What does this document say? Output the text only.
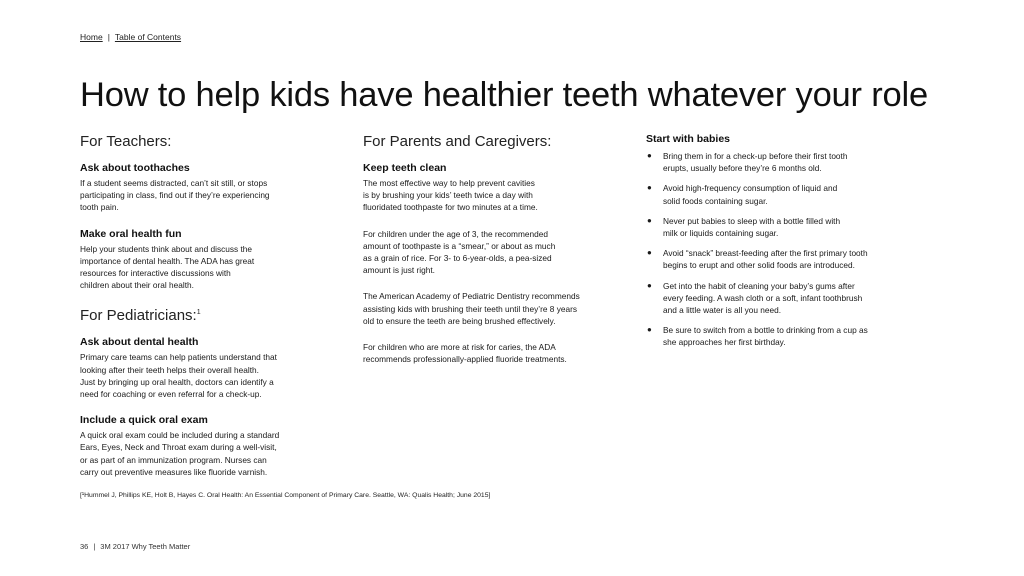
Home | Table of Contents
How to help kids have healthier teeth whatever your role
For Teachers:
Ask about toothaches

If a student seems distracted, can’t sit still, or stops
participating in class, find out if they’re experiencing
tooth pain.

Make oral health fun

Help your students think about and discuss the
importance of dental health. The ADA has great
resources for interactive discussions with
children about their oral health.

For Pediatricians:$^1$
Ask about dental health

Primary care teams can help patients understand that
looking after their teeth helps their overall health.
Just by bringing up oral health, doctors can identify a
need for coaching or even referral for a check-up.

Include a quick oral exam

A quick oral exam could be included during a standard
Ears, Eyes, Neck and Throat exam during a well-visit,
or as part of an immunization program. Nurses can
carry out preventive measures like fluoride varnish.

For Parents and Caregivers:
Keep teeth clean

The most effective way to help prevent cavities
is by brushing your kids’ teeth twice a day with
fluoridated toothpaste for two minutes at a time.

For children under the age of 3, the recommended
amount of toothpaste is a “smear,” or about as much
as a grain of rice. For 3- to 6-year-olds, a pea-sized
amount is just right.

The American Academy of Pediatric Dentistry recommends
assisting kids with brushing their teeth until they’re 8 years
old to ensure the teeth are being brushed effectively.

For children who are more at risk for caries, the ADA
recommends professionally-applied fluoride treatments.

Start with babies
● Bring them in for a check-up before their first tooth
erupts, usually before they’re 6 months old.
● Avoid high-frequency consumption of liquid and
solid foods containing sugar.
● Never put babies to sleep with a bottle filled with
milk or liquids containing sugar.
● Avoid “snack” breast-feeding after the first primary tooth
begins to erupt and other solid foods are introduced.
● Get into the habit of cleaning your baby’s gums after
every feeding. A wash cloth or a soft, infant toothbrush
and a little water is all you need.
● Be sure to switch from a bottle to drinking from a cup as
she approaches her first birthday.
[¹Hummel J, Phillips KE, Holt B, Hayes C. Oral Health: An Essential Component of Primary Care. Seattle, WA: Qualis Health; June 2015]
36 | 3M 2017 Why Teeth Matter
